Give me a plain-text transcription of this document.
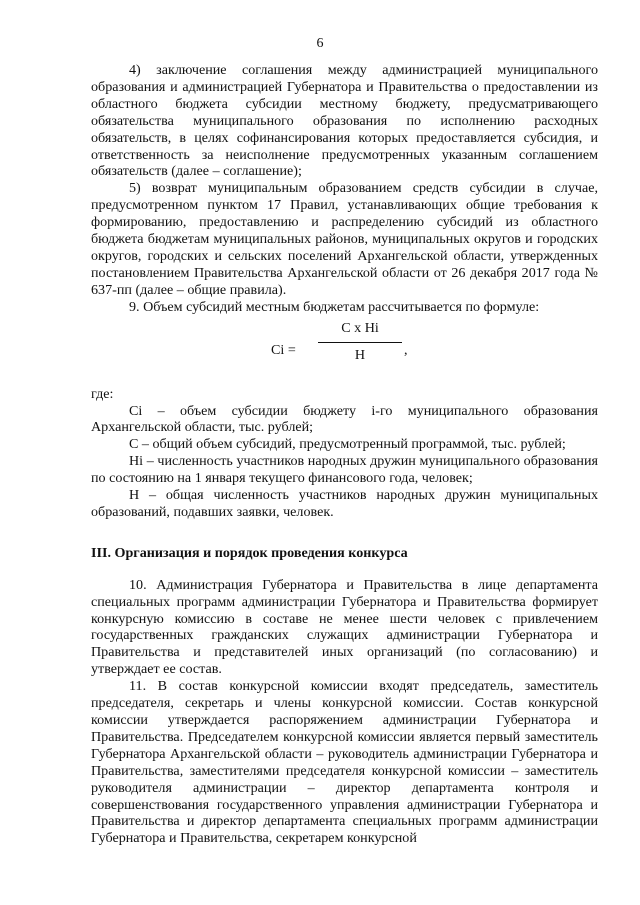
6

4) заключение соглашения между администрацией муниципального образования и администрацией Губернатора и Правительства о предоставлении из областного бюджета субсидии местному бюджету, предусматривающего обязательства муниципального образования по исполнению расходных обязательств, в целях софинансирования которых предоставляется субсидия, и ответственность за неисполнение предусмотренных указанным соглашением обязательств (далее – соглашение);

5) возврат муниципальным образованием средств субсидии в случае, предусмотренном пунктом 17 Правил, устанавливающих общие требования к формированию, предоставлению и распределению субсидий из областного бюджета бюджетам муниципальных районов, муниципальных округов и городских округов, городских и сельских поселений Архангельской области, утвержденных постановлением Правительства Архангельской области от 26 декабря 2017 года № 637-пп (далее – общие правила).

9. Объем субсидий местным бюджетам рассчитывается по формуле:

Сi =
С х Нi
Н	,

где:

Сi – объем субсидии бюджету i-го муниципального образования Архангельской области, тыс. рублей;

С – общий объем субсидий, предусмотренный программой, тыс. рублей;

Нi – численность участников народных дружин муниципального образования по состоянию на 1 января текущего финансового года, человек;

Н – общая численность участников народных дружин муниципальных образований, подавших заявки, человек.

III. Организация и порядок проведения конкурса

10. Администрация Губернатора и Правительства в лице департамента специальных программ администрации Губернатора и Правительства формирует конкурсную комиссию в составе не менее шести человек с привлечением государственных гражданских служащих администрации Губернатора и Правительства и представителей иных организаций (по согласованию) и утверждает ее состав.

11. В состав конкурсной комиссии входят председатель, заместитель председателя, секретарь и члены конкурсной комиссии. Состав конкурсной комиссии утверждается распоряжением администрации Губернатора и Правительства. Председателем конкурсной комиссии является первый заместитель Губернатора Архангельской области – руководитель администрации Губернатора и Правительства, заместителями председателя конкурсной комиссии – заместитель руководителя администрации – директор департамента контроля и совершенствования государственного управления администрации Губернатора и Правительства и директор департамента специальных программ администрации Губернатора и Правительства, секретарем конкурсной
